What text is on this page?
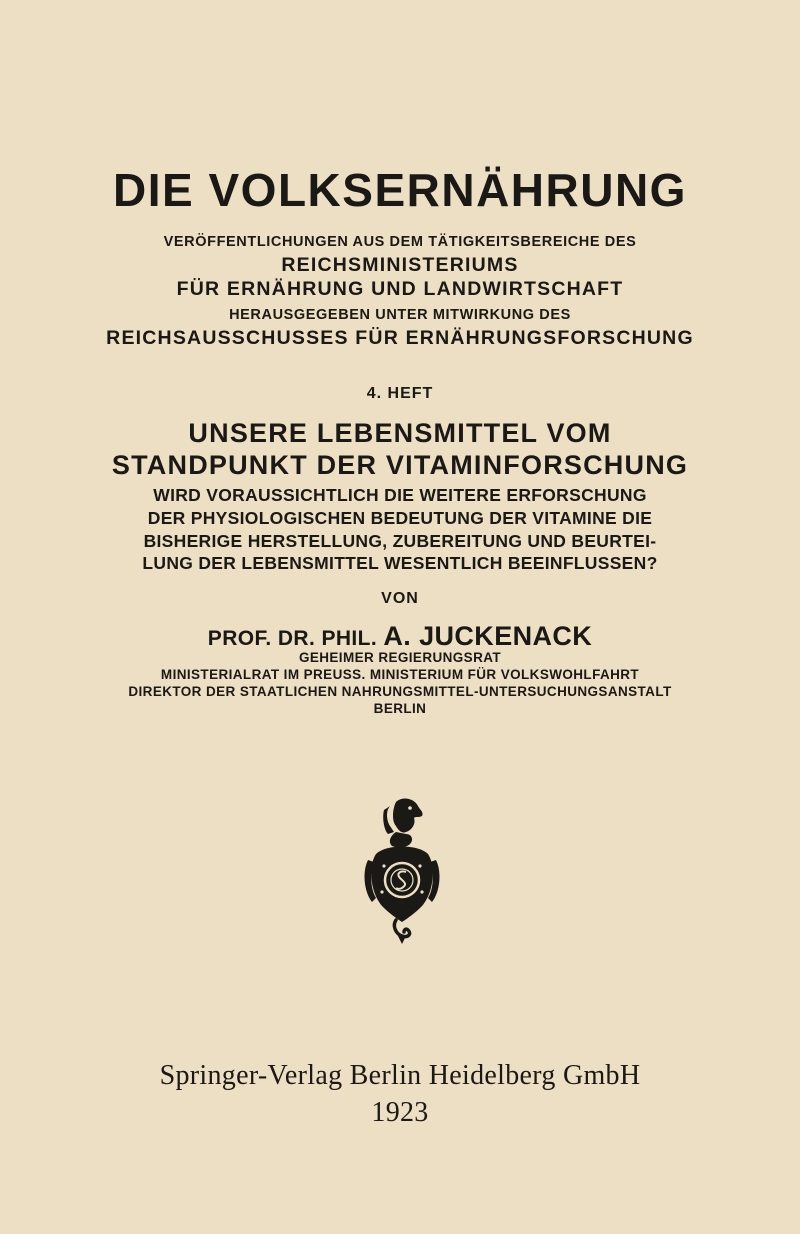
DIE VOLKSERNÄHRUNG
VERÖFFENTLICHUNGEN AUS DEM TÄTIGKEITSBEREICHE DES
REICHSMINISTERIUMS
FÜR ERNÄHRUNG UND LANDWIRTSCHAFT
HERAUSGEGEBEN UNTER MITWIRKUNG DES
REICHSAUSSCHUSSES FÜR ERNÄHRUNGSFORSCHUNG
4. HEFT
UNSERE LEBENSMITTEL VOM
STANDPUNKT DER VITAMINFORSCHUNG
WIRD VORAUSSICHTLICH DIE WEITERE ERFORSCHUNG
DER PHYSIOLOGISCHEN BEDEUTUNG DER VITAMINE DIE
BISHERIGE HERSTELLUNG, ZUBEREITUNG UND BEURTEI-
LUNG DER LEBENSMITTEL WESENTLICH BEEINFLUSSEN?
VON
PROF. DR. PHIL. A. JUCKENACK
GEHEIMER REGIERUNGSRAT
MINISTERIALRAT IM PREUSS. MINISTERIUM FÜR VOLKSWOHLFAHRT
DIREKTOR DER STAATLICHEN NAHRUNGSMITTEL-UNTERSUCHUNGSANSTALT
BERLIN
Springer-Verlag Berlin Heidelberg GmbH
1923
